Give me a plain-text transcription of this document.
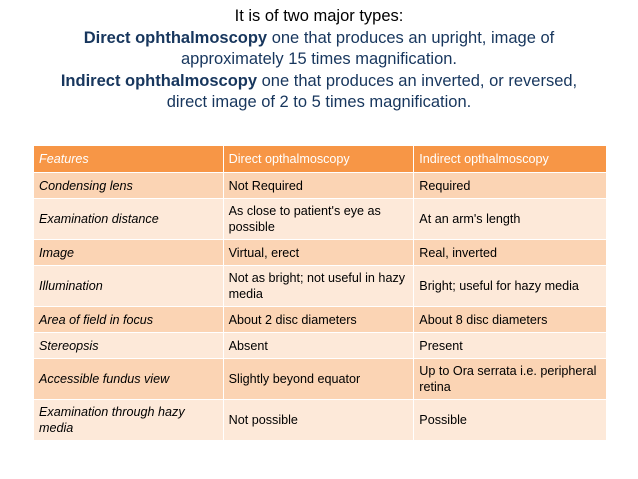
It is of two major types:
Direct ophthalmoscopy one that produces an upright, image of
approximately 15 times magnification.
Indirect ophthalmoscopy one that produces an inverted, or reversed,
direct image of 2 to 5 times magnification.
Features	Direct opthalmoscopy	Indirect opthalmoscopy
Condensing lens	Not Required	Required
Examination distance	As close to patient's eye as possible	At an arm's length
Image	Virtual, erect	Real, inverted
Illumination	Not as bright; not useful in hazy media	Bright; useful for hazy media
Area of field in focus	About 2 disc diameters	About 8 disc diameters
Stereopsis	Absent	Present
Accessible fundus view	Slightly beyond equator	Up to Ora serrata i.e. peripheral retina
Examination through hazy media	Not possible	Possible
